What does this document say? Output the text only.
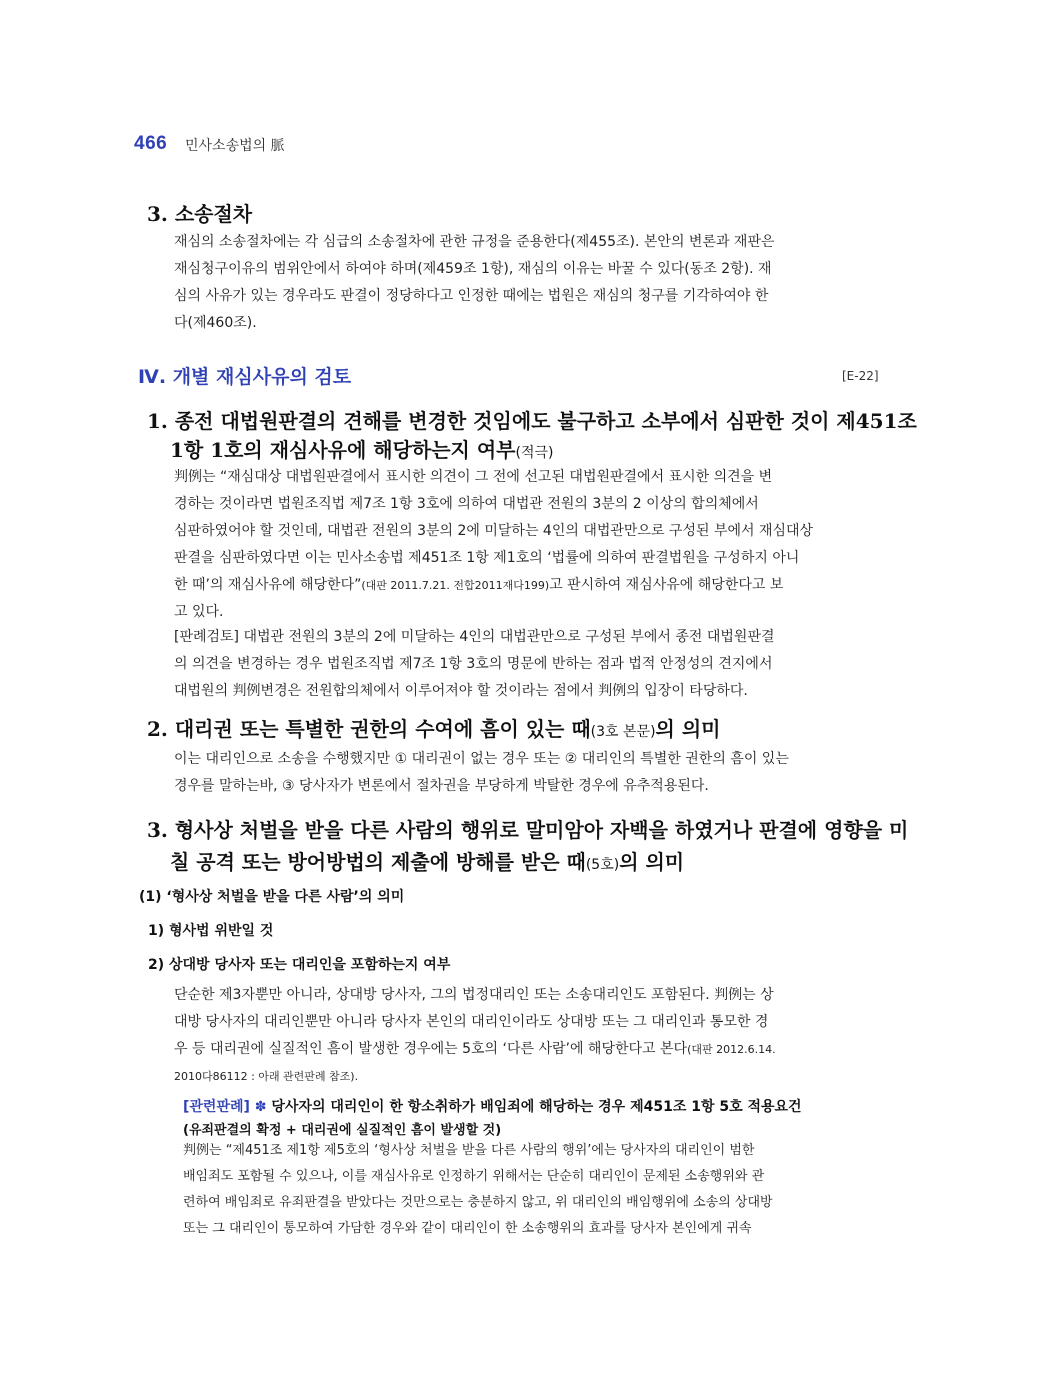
466 민사소송법의 脈
3. 소송절차
재심의 소송절차에는 각 심급의 소송절차에 관한 규정을 준용한다(제455조). 본안의 변론과 재판은
재심청구이유의 범위안에서 하여야 하며(제459조 1항), 재심의 이유는 바꿀 수 있다(동조 2항). 재
심의 사유가 있는 경우라도 판결이 정당하다고 인정한 때에는 법원은 재심의 청구를 기각하여야 한
다(제460조).
Ⅳ. 개별 재심사유의 검토	[E-22]
1. 종전 대법원판결의 견해를 변경한 것임에도 불구하고 소부에서 심판한 것이 제451조
1항 1호의 재심사유에 해당하는지 여부(적극)
判例는 “재심대상 대법원판결에서 표시한 의견이 그 전에 선고된 대법원판결에서 표시한 의견을 변
경하는 것이라면 법원조직법 제7조 1항 3호에 의하여 대법관 전원의 3분의 2 이상의 합의체에서
심판하였어야 할 것인데, 대법관 전원의 3분의 2에 미달하는 4인의 대법관만으로 구성된 부에서 재심대상
판결을 심판하였다면 이는 민사소송법 제451조 1항 제1호의 ‘법률에 의하여 판결법원을 구성하지 아니
한 때’의 재심사유에 해당한다”(대판 2011.7.21. 전합2011재다199)고 판시하여 재심사유에 해당한다고 보
고 있다.
[판례검토] 대법관 전원의 3분의 2에 미달하는 4인의 대법관만으로 구성된 부에서 종전 대법원판결
의 의견을 변경하는 경우 법원조직법 제7조 1항 3호의 명문에 반하는 점과 법적 안정성의 견지에서
대법원의 判例변경은 전원합의체에서 이루어져야 할 것이라는 점에서 判例의 입장이 타당하다.
2. 대리권 또는 특별한 권한의 수여에 흠이 있는 때(3호 본문)의 의미
이는 대리인으로 소송을 수행했지만 ① 대리권이 없는 경우 또는 ② 대리인의 특별한 권한의 흠이 있는
경우를 말하는바, ③ 당사자가 변론에서 절차권을 부당하게 박탈한 경우에 유추적용된다.
3. 형사상 처벌을 받을 다른 사람의 행위로 말미암아 자백을 하였거나 판결에 영향을 미
칠 공격 또는 방어방법의 제출에 방해를 받은 때(5호)의 의미
(1) ‘형사상 처벌을 받을 다른 사람’의 의미
1) 형사법 위반일 것
2) 상대방 당사자 또는 대리인을 포함하는지 여부
단순한 제3자뿐만 아니라, 상대방 당사자, 그의 법정대리인 또는 소송대리인도 포함된다. 判例는 상
대방 당사자의 대리인뿐만 아니라 당사자 본인의 대리인이라도 상대방 또는 그 대리인과 통모한 경
우 등 대리권에 실질적인 흠이 발생한 경우에는 5호의 ‘다른 사람’에 해당한다고 본다(대판 2012.6.14.
2010다86112 : 아래 관련판례 참조).
[관련판례] ✽ 당사자의 대리인이 한 항소취하가 배임죄에 해당하는 경우 제451조 1항 5호 적용요건
(유죄판결의 확정 + 대리권에 실질적인 흠이 발생할 것)
判例는 “제451조 제1항 제5호의 ‘형사상 처벌을 받을 다른 사람의 행위’에는 당사자의 대리인이 범한
배임죄도 포함될 수 있으나, 이를 재심사유로 인정하기 위해서는 단순히 대리인이 문제된 소송행위와 관
련하여 배임죄로 유죄판결을 받았다는 것만으로는 충분하지 않고, 위 대리인의 배임행위에 소송의 상대방
또는 그 대리인이 통모하여 가담한 경우와 같이 대리인이 한 소송행위의 효과를 당사자 본인에게 귀속
